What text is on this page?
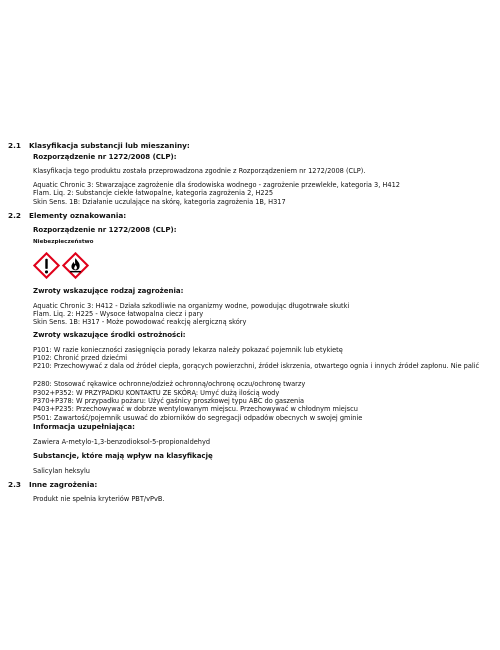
2.1 Klasyfikacja substancji lub mieszaniny:
Rozporządzenie nr 1272/2008 (CLP):
Klasyfikacja tego produktu została przeprowadzona zgodnie z Rozporządzeniem nr 1272/2008 (CLP).
Aquatic Chronic 3: Stwarzające zagrożenie dla środowiska wodnego - zagrożenie przewlekłe, kategoria 3, H412
Flam. Liq. 2: Substancje ciekłe łatwopalne, kategoria zagrożenia 2, H225
Skin Sens. 1B: Działanie uczulające na skórę, kategoria zagrożenia 1B, H317
2.2 Elementy oznakowania:
Rozporządzenie nr 1272/2008 (CLP):
Niebezpieczeństwo
Zwroty wskazujące rodzaj zagrożenia:
Aquatic Chronic 3: H412 - Działa szkodliwie na organizmy wodne, powodując długotrwałe skutki
Flam. Liq. 2: H225 - Wysoce łatwopalna ciecz i pary
Skin Sens. 1B: H317 - Może powodować reakcję alergiczną skóry
Zwroty wskazujące środki ostrożności:
P101: W razie konieczności zasięgnięcia porady lekarza należy pokazać pojemnik lub etykietę
P102: Chronić przed dziećmi
P210: Przechowywać z dala od źródeł ciepła, gorących powierzchni, źródeł iskrzenia, otwartego ognia i innych źródeł zapłonu. Nie palić
P280: Stosować rękawice ochronne/odzież ochronną/ochronę oczu/ochronę twarzy
P302+P352: W PRZYPADKU KONTAKTU ZE SKÓRĄ: Umyć dużą ilością wody
P370+P378: W przypadku pożaru: Użyć gaśnicy proszkowej typu ABC do gaszenia
P403+P235: Przechowywać w dobrze wentylowanym miejscu. Przechowywać w chłodnym miejscu
P501: Zawartość/pojemnik usuwać do zbiorników do segregacji odpadów obecnych w swojej gminie
Informacja uzupełniająca:
Zawiera A-metylo-1,3-benzodioksol-5-propionaldehyd
Substancje, które mają wpływ na klasyfikację
Salicylan heksylu
2.3 Inne zagrożenia:
Produkt nie spełnia kryteriów PBT/vPvB.
